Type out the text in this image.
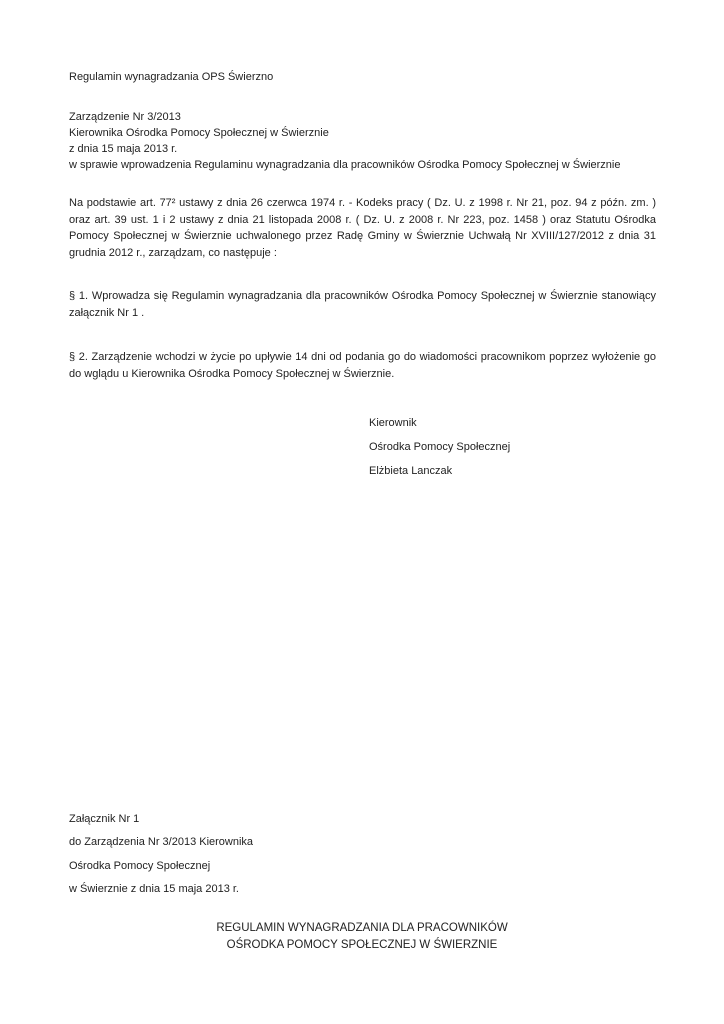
Regulamin wynagradzania OPS Świerzno
Zarządzenie Nr 3/2013
Kierownika Ośrodka Pomocy Społecznej w Świerznie
z dnia 15 maja 2013 r.
w sprawie wprowadzenia Regulaminu wynagradzania dla pracowników Ośrodka Pomocy Społecznej w Świerznie
Na podstawie art. 77² ustawy z dnia 26 czerwca 1974 r. - Kodeks pracy ( Dz. U. z 1998 r. Nr 21, poz. 94 z późn. zm. ) oraz art. 39 ust. 1 i 2 ustawy z dnia 21 listopada 2008 r. ( Dz. U. z 2008 r. Nr 223, poz. 1458 ) oraz Statutu Ośrodka Pomocy Społecznej w Świerznie uchwalonego przez Radę Gminy w Świerznie Uchwałą Nr XVIII/127/2012 z dnia 31 grudnia 2012 r., zarządzam, co następuje :
§ 1. Wprowadza się Regulamin wynagradzania dla pracowników Ośrodka Pomocy Społecznej w Świerznie stanowiący załącznik Nr 1 .
§ 2. Zarządzenie wchodzi w życie po upływie 14 dni od podania go do wiadomości pracownikom poprzez wyłożenie go do wglądu u Kierownika Ośrodka Pomocy Społecznej w Świerznie.
Kierownik
Ośrodka Pomocy Społecznej
Elżbieta Lanczak
Załącznik Nr 1
do Zarządzenia Nr 3/2013 Kierownika
Ośrodka Pomocy Społecznej
w Świerznie z dnia 15 maja 2013 r.
REGULAMIN WYNAGRADZANIA DLA PRACOWNIKÓW
OŚRODKA POMOCY SPOŁECZNEJ W ŚWIERZNIE
